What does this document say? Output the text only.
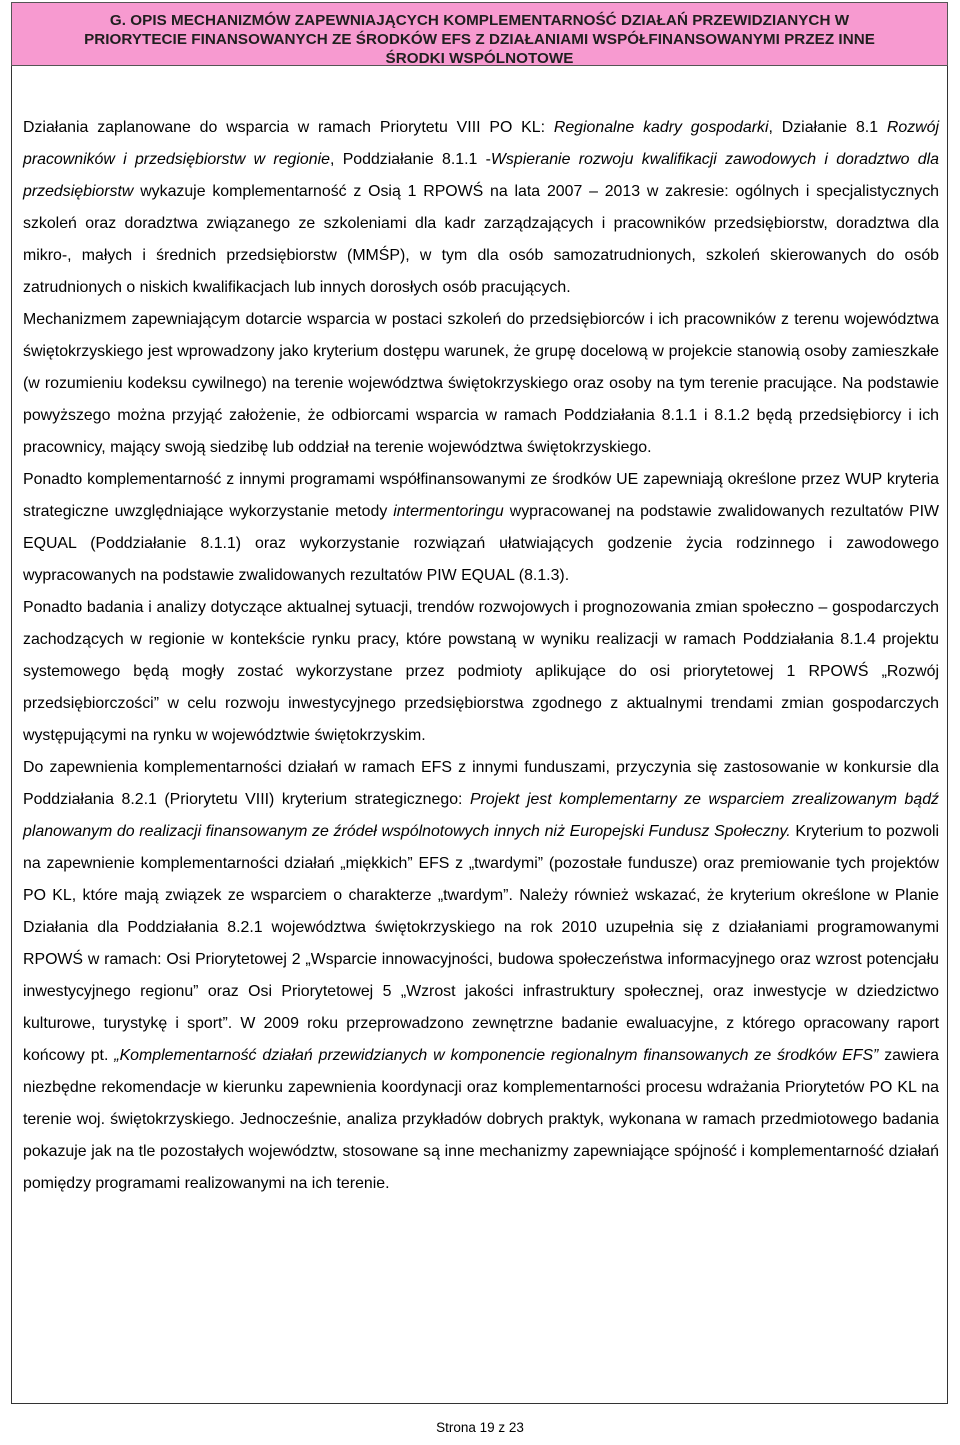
G. OPIS MECHANIZMÓW ZAPEWNIAJĄCYCH KOMPLEMENTARNOŚĆ DZIAŁAŃ PRZEWIDZIANYCH W
PRIORYTECIE FINANSOWANYCH ZE ŚRODKÓW EFS Z DZIAŁANIAMI WSPÓŁFINANSOWANYMI PRZEZ INNE
ŚRODKI WSPÓLNOTOWE

Działania zaplanowane do wsparcia w ramach Priorytetu VIII PO KL: Regionalne kadry gospodarki, Działanie 8.1 Rozwój pracowników i przedsiębiorstw w regionie, Poddziałanie 8.1.1 -Wspieranie rozwoju kwalifikacji zawodowych i doradztwo dla przedsiębiorstw wykazuje komplementarność z Osią 1 RPOWŚ na lata 2007 – 2013 w zakresie: ogólnych i specjalistycznych szkoleń oraz doradztwa związanego ze szkoleniami dla kadr zarządzających i pracowników przedsiębiorstw, doradztwa dla mikro-, małych i średnich przedsiębiorstw (MMŚP), w tym dla osób samozatrudnionych, szkoleń skierowanych do osób zatrudnionych o niskich kwalifikacjach lub innych dorosłych osób pracujących.

Mechanizmem zapewniającym dotarcie wsparcia w postaci szkoleń do przedsiębiorców i ich pracowników z terenu województwa świętokrzyskiego jest wprowadzony jako kryterium dostępu warunek, że grupę docelową w projekcie stanowią osoby zamieszkałe (w rozumieniu kodeksu cywilnego) na terenie województwa świętokrzyskiego oraz osoby na tym terenie pracujące. Na podstawie powyższego można przyjąć założenie, że odbiorcami wsparcia w ramach Poddziałania 8.1.1 i 8.1.2 będą przedsiębiorcy i ich pracownicy, mający swoją siedzibę lub oddział na terenie województwa świętokrzyskiego.

Ponadto komplementarność z innymi programami współfinansowanymi ze środków UE zapewniają określone przez WUP kryteria strategiczne uwzględniające wykorzystanie metody intermentoringu wypracowanej na podstawie zwalidowanych rezultatów PIW EQUAL (Poddziałanie 8.1.1) oraz wykorzystanie rozwiązań ułatwiających godzenie życia rodzinnego i zawodowego wypracowanych na podstawie zwalidowanych rezultatów PIW EQUAL (8.1.3).

Ponadto badania i analizy dotyczące aktualnej sytuacji, trendów rozwojowych i prognozowania zmian społeczno – gospodarczych zachodzących w regionie w kontekście rynku pracy, które powstaną w wyniku realizacji w ramach Poddziałania 8.1.4 projektu systemowego będą mogły zostać wykorzystane przez podmioty aplikujące do osi priorytetowej 1 RPOWŚ „Rozwój przedsiębiorczości” w celu rozwoju inwestycyjnego przedsiębiorstwa zgodnego z aktualnymi trendami zmian gospodarczych występującymi na rynku w województwie świętokrzyskim.

Do zapewnienia komplementarności działań w ramach EFS z innymi funduszami, przyczynia się zastosowanie w konkursie dla Poddziałania 8.2.1 (Priorytetu VIII) kryterium strategicznego: Projekt jest komplementarny ze wsparciem zrealizowanym bądź planowanym do realizacji finansowanym ze źródeł wspólnotowych innych niż Europejski Fundusz Społeczny. Kryterium to pozwoli na zapewnienie komplementarności działań „miękkich” EFS z „twardymi” (pozostałe fundusze) oraz premiowanie tych projektów PO KL, które mają związek ze wsparciem o charakterze „twardym”. Należy również wskazać, że kryterium określone w Planie Działania dla Poddziałania 8.2.1 województwa świętokrzyskiego na rok 2010 uzupełnia się z działaniami programowanymi RPOWŚ w ramach: Osi Priorytetowej 2 „Wsparcie innowacyjności, budowa społeczeństwa informacyjnego oraz wzrost potencjału inwestycyjnego regionu” oraz Osi Priorytetowej 5 „Wzrost jakości infrastruktury społecznej, oraz inwestycje w dziedzictwo kulturowe, turystykę i sport”. W 2009 roku przeprowadzono zewnętrzne badanie ewaluacyjne, z którego opracowany raport końcowy pt. „Komplementarność działań przewidzianych w komponencie regionalnym finansowanych ze środków EFS” zawiera niezbędne rekomendacje w kierunku zapewnienia koordynacji oraz komplementarności procesu wdrażania Priorytetów PO KL na terenie woj. świętokrzyskiego. Jednocześnie, analiza przykładów dobrych praktyk, wykonana w ramach przedmiotowego badania pokazuje jak na tle pozostałych województw, stosowane są inne mechanizmy zapewniające spójność i komplementarność działań pomiędzy programami realizowanymi na ich terenie.

Strona 19 z 23
